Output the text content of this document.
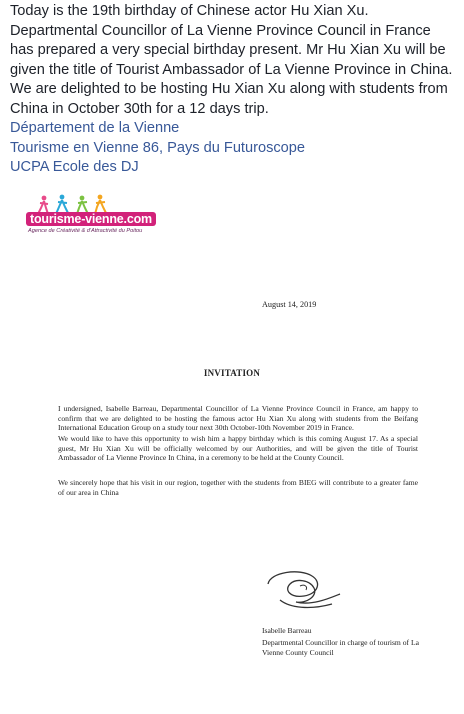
Today is the 19th birthday of Chinese actor Hu Xian Xu. Departmental Councillor of La Vienne Province Council in France has prepared a very special birthday present. Mr Hu Xian Xu will be given the title of Tourist Ambassador of La Vienne Province in China.

We are delighted to be hosting Hu Xian Xu along with students from China in October 30th for a 12 days trip.

Département de la Vienne
Tourisme en Vienne 86, Pays du Futuroscope
UCPA Ecole des DJ
tourisme-vienne.com
Agence de Créativité & d'Attractivité du Poitou
August 14, 2019
INVITATION

I undersigned, Isabelle Barreau, Departmental Councillor of La Vienne Province Council in France, am happy to confirm that we are delighted to be hosting the famous actor Hu Xian Xu along with students from the Beifang International Education Group on a study tour next 30th October-10th November 2019 in France.

We would like to have this opportunity to wish him a happy birthday which is this coming August 17. As a special guest, Mr Hu Xian Xu will be officially welcomed by our Authorities, and will be given the title of Tourist Ambassador of La Vienne Province In China, in a ceremony to be held at the County Council.

We sincerely hope that his visit in our region, together with the students from BIEG will contribute to a greater fame of our area in China

Isabelle Barreau
Departmental Councillor in charge of tourism of La Vienne County Council
